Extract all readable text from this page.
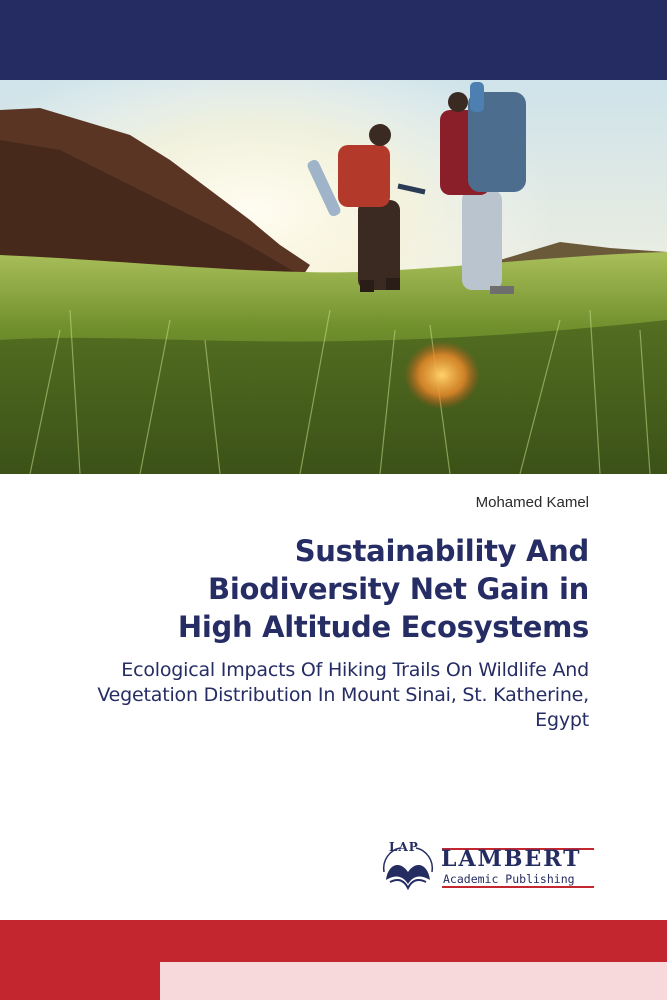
Mohamed Kamel
Sustainability And
Biodiversity Net Gain in
High Altitude Ecosystems
Ecological Impacts Of Hiking Trails On Wildlife And
Vegetation Distribution In Mount Sinai, St. Katherine,
Egypt
LAP LAMBERT
Academic Publishing
